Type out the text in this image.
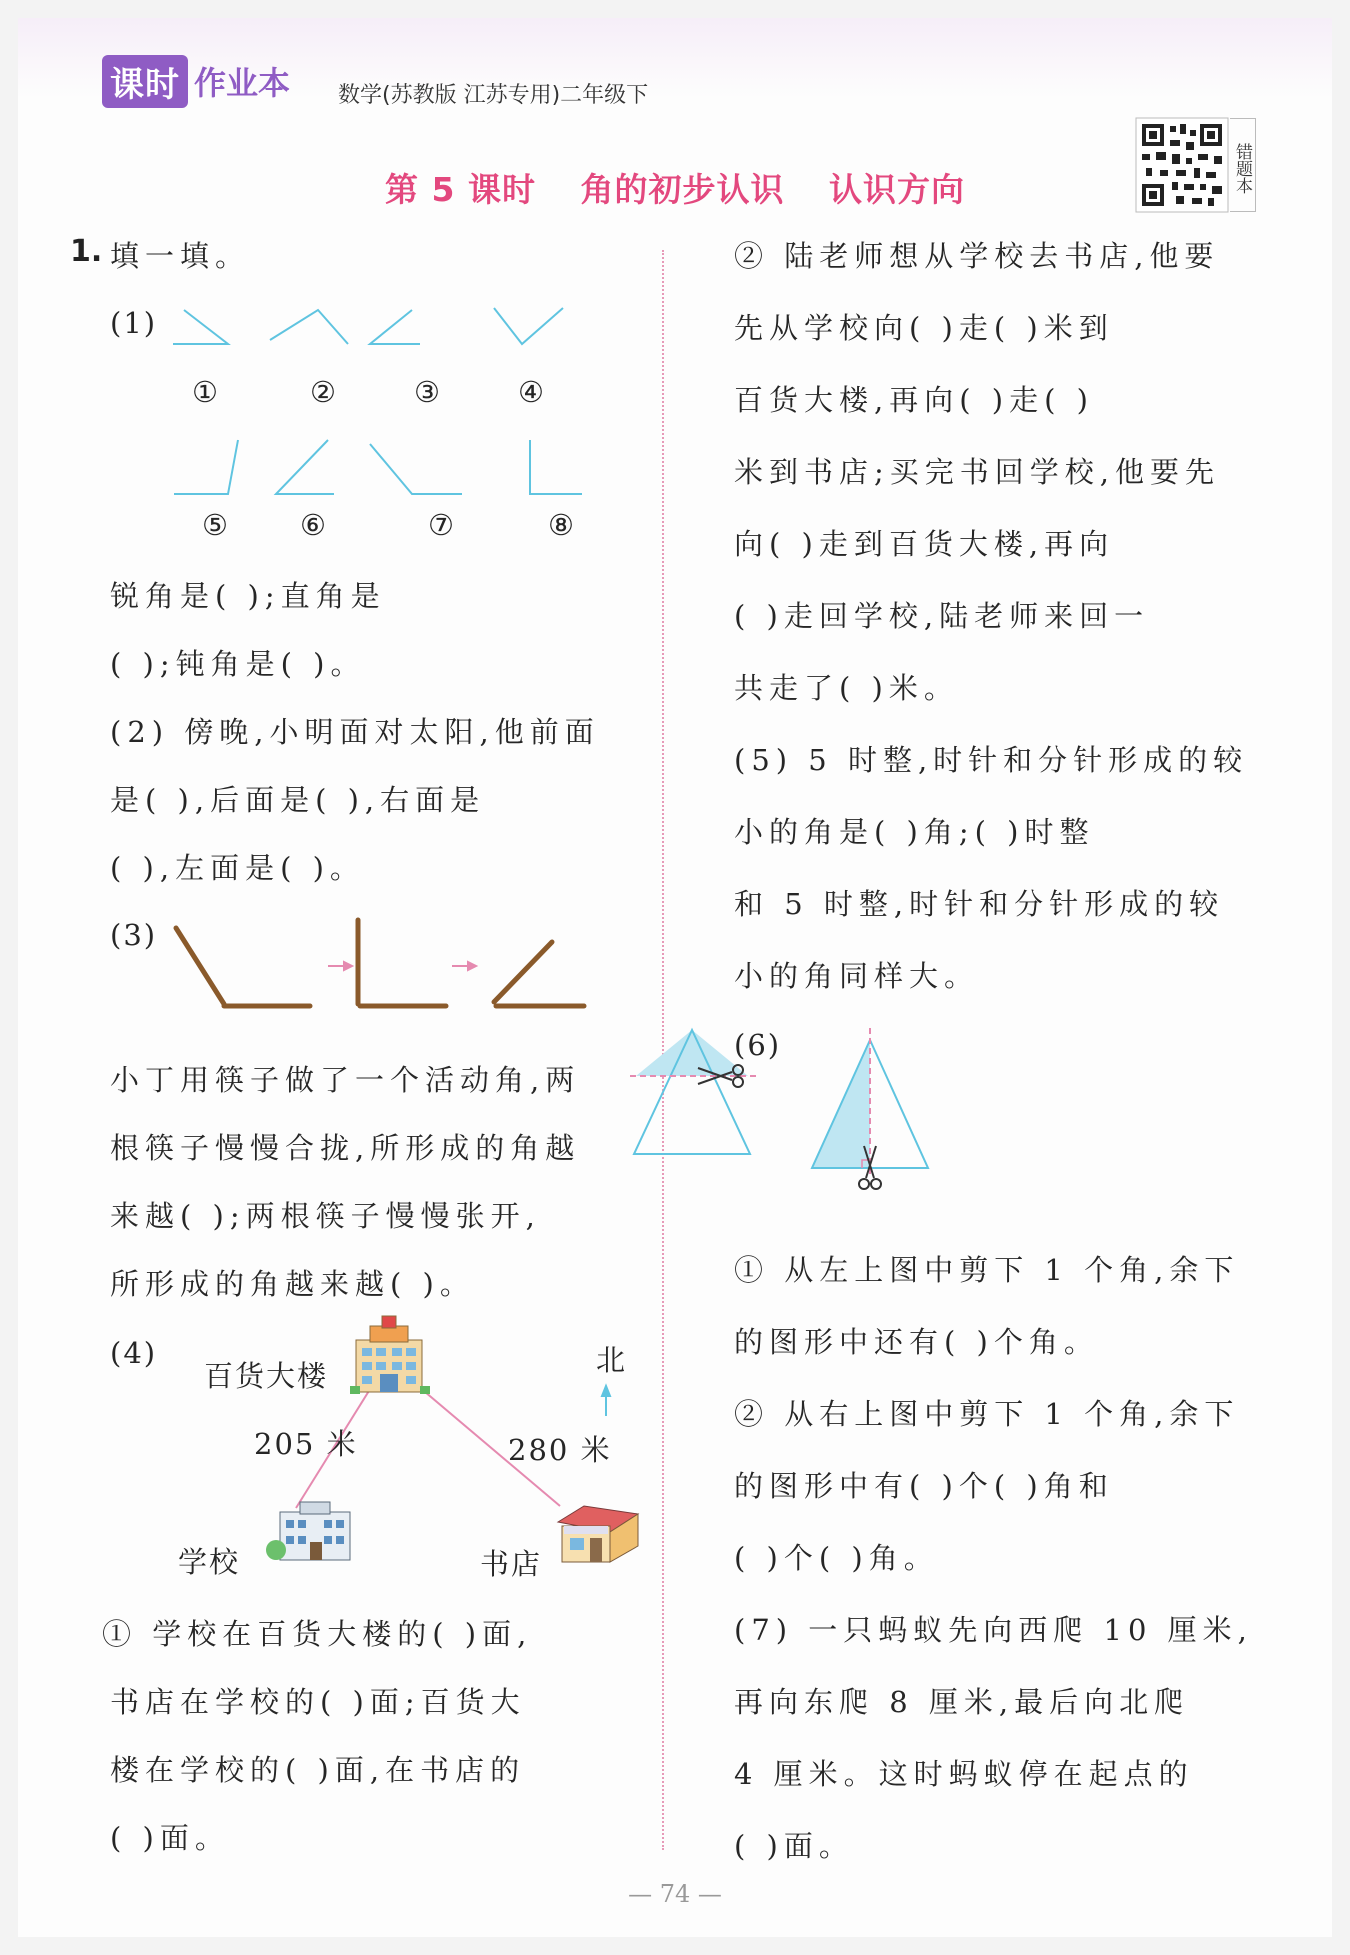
课时 作业本 数学(苏教版 江苏专用)二年级下
第 5 课时 角的初步认识 认识方向	错题本
1. 填一填。
(1)
①	②	③	④
⑤ ⑥	⑦	⑧
锐角是( );直角是
( );钝角是( )。
(2) 傍晚,小明面对太阳,他前面
是( ),后面是( ),右面是
( ),左面是( )。
(3)
小丁用筷子做了一个活动角,两
根筷子慢慢合拢,所形成的角越
来越( );两根筷子慢慢张开,
所形成的角越来越( )。
(4)
百货大楼	北
205 米	280 米
学校	书店
① 学校在百货大楼的( )面,
书店在学校的( )面;百货大
楼在学校的( )面,在书店的
( )面。
② 陆老师想从学校去书店,他要
先从学校向( )走( )米到
百货大楼,再向( )走( )
米到书店;买完书回学校,他要先
向( )走到百货大楼,再向
( )走回学校,陆老师来回一
共走了( )米。
(5) 5 时整,时针和分针形成的较
小的角是( )角;( )时整
和 5 时整,时针和分针形成的较
小的角同样大。
(6)
① 从左上图中剪下 1 个角,余下
的图形中还有( )个角。
② 从右上图中剪下 1 个角,余下
的图形中有( )个( )角和
( )个( )角。
(7) 一只蚂蚁先向西爬 10 厘米,
再向东爬 8 厘米,最后向北爬
4 厘米。这时蚂蚁停在起点的
( )面。
— 74 —
